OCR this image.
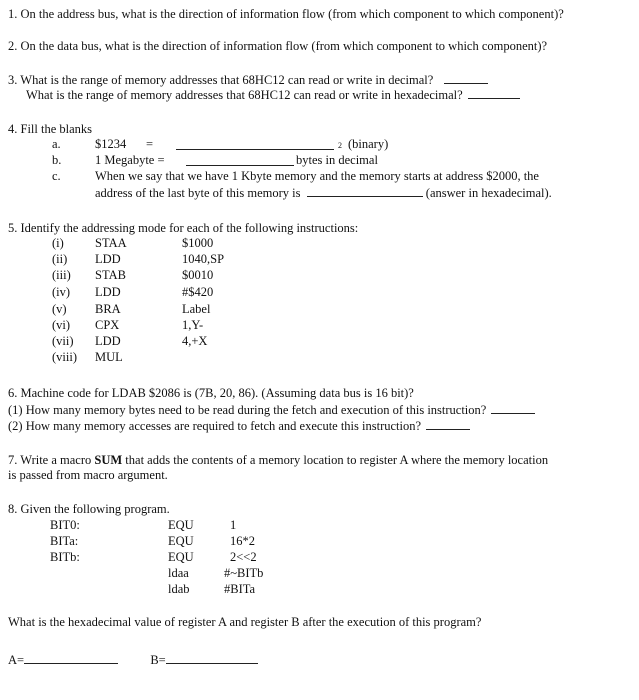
1. On the address bus, what is the direction of information flow (from which component to which component)?
2. On the data bus, what is the direction of information flow (from which component to which component)?
3. What is the range of memory addresses that 68HC12 can read or write in decimal?
What is the range of memory addresses that 68HC12 can read or write in hexadecimal?
4. Fill the blanks
a.	$1234 =	2 (binary)
b.	1 Megabyte =	bytes in decimal
c.	When we say that we have 1 Kbyte memory and the memory starts at address $2000, the
address of the last byte of this memory is	(answer in hexadecimal).
5. Identify the addressing mode for each of the following instructions:
(i) STAA	$1000
(ii) LDD	1040,SP
(iii) STAB	$0010
(iv) LDD	#$420
(v) BRA	Label
(vi) CPX	1,Y-
(vii) LDD	4,+X
(viii) MUL
6. Machine code for LDAB $2086 is (7B, 20, 86). (Assuming data bus is 16 bit)?
(1) How many memory bytes need to be read during the fetch and execution of this instruction?
(2) How many memory accesses are required to fetch and execute this instruction?
7. Write a macro SUM that adds the contents of a memory location to register A where the memory location
is passed from macro argument.
8. Given the following program.
BIT0:	EQU	1
BITa:	EQU	16*2
BITb:	EQU	2<<2
ldaa	#~BITb
ldab	#BITa
What is the hexadecimal value of register A and register B after the execution of this program?
A=	B=
